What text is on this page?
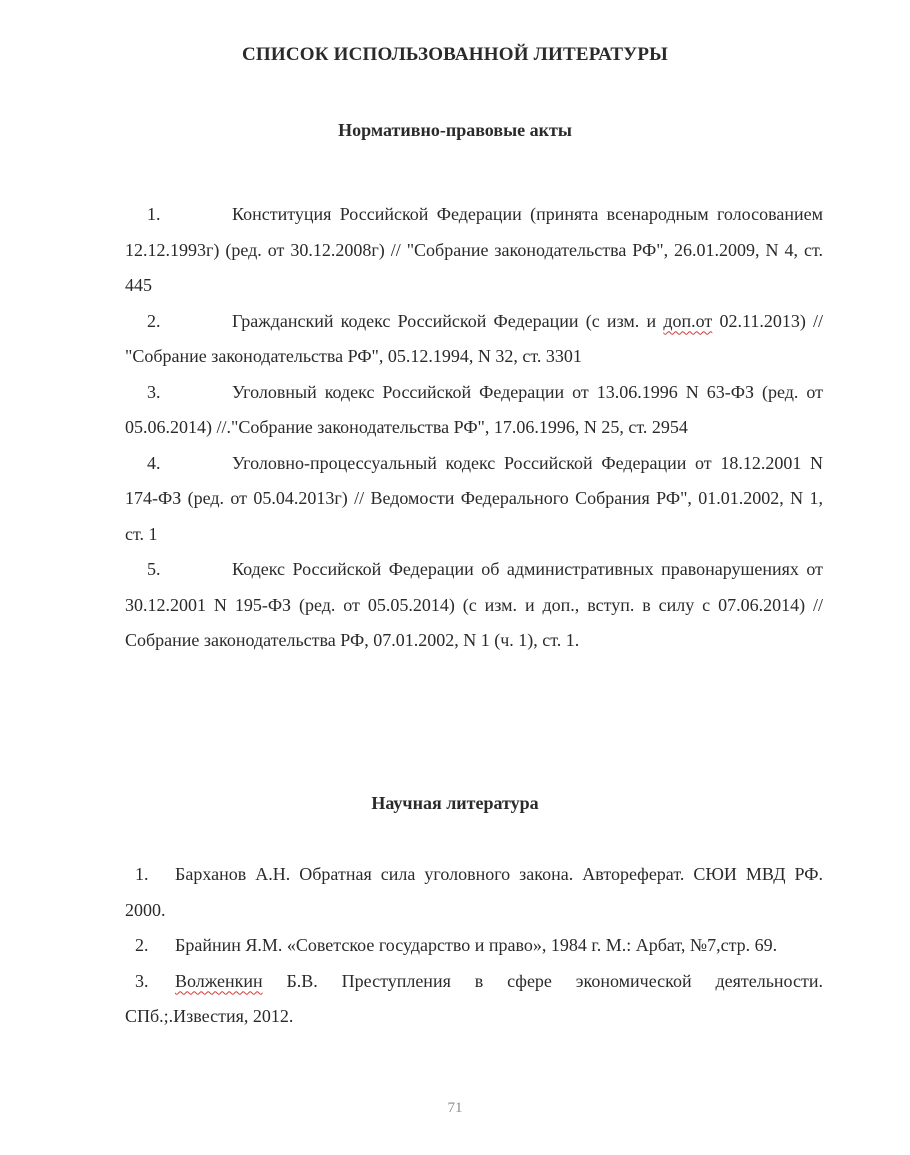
СПИСОК ИСПОЛЬЗОВАННОЙ ЛИТЕРАТУРЫ
Нормативно-правовые акты

1.	Конституция Российской Федерации (принята всенародным голосованием 12.12.1993г) (ред. от 30.12.2008г) // "Собрание законодательства РФ", 26.01.2009, N 4, ст. 445

2.	Гражданский кодекс Российской Федерации (с изм. и доп.от 02.11.2013) // "Собрание законодательства РФ", 05.12.1994, N 32, ст. 3301

3.	Уголовный кодекс Российской Федерации от 13.06.1996 N 63-ФЗ (ред. от 05.06.2014) //."Собрание законодательства РФ", 17.06.1996, N 25, ст. 2954

4.	Уголовно-процессуальный кодекс Российской Федерации от 18.12.2001 N 174-ФЗ (ред. от 05.04.2013г) // Ведомости Федерального Собрания РФ", 01.01.2002, N 1, ст. 1

5.	Кодекс Российской Федерации об административных правонарушениях от 30.12.2001 N 195-ФЗ (ред. от 05.05.2014) (с изм. и доп., вступ. в силу с 07.06.2014) // Собрание законодательства РФ, 07.01.2002, N 1 (ч. 1), ст. 1.

Научная литература

1. Барханов А.Н. Обратная сила уголовного закона. Автореферат. СЮИ МВД РФ. 2000.

2. Брайнин Я.М. «Советское государство и право», 1984 г. М.: Арбат, №7,стр. 69.

3. Волженкин Б.В. Преступления в сфере экономической деятельности. СПб.;.Известия, 2012.

71
